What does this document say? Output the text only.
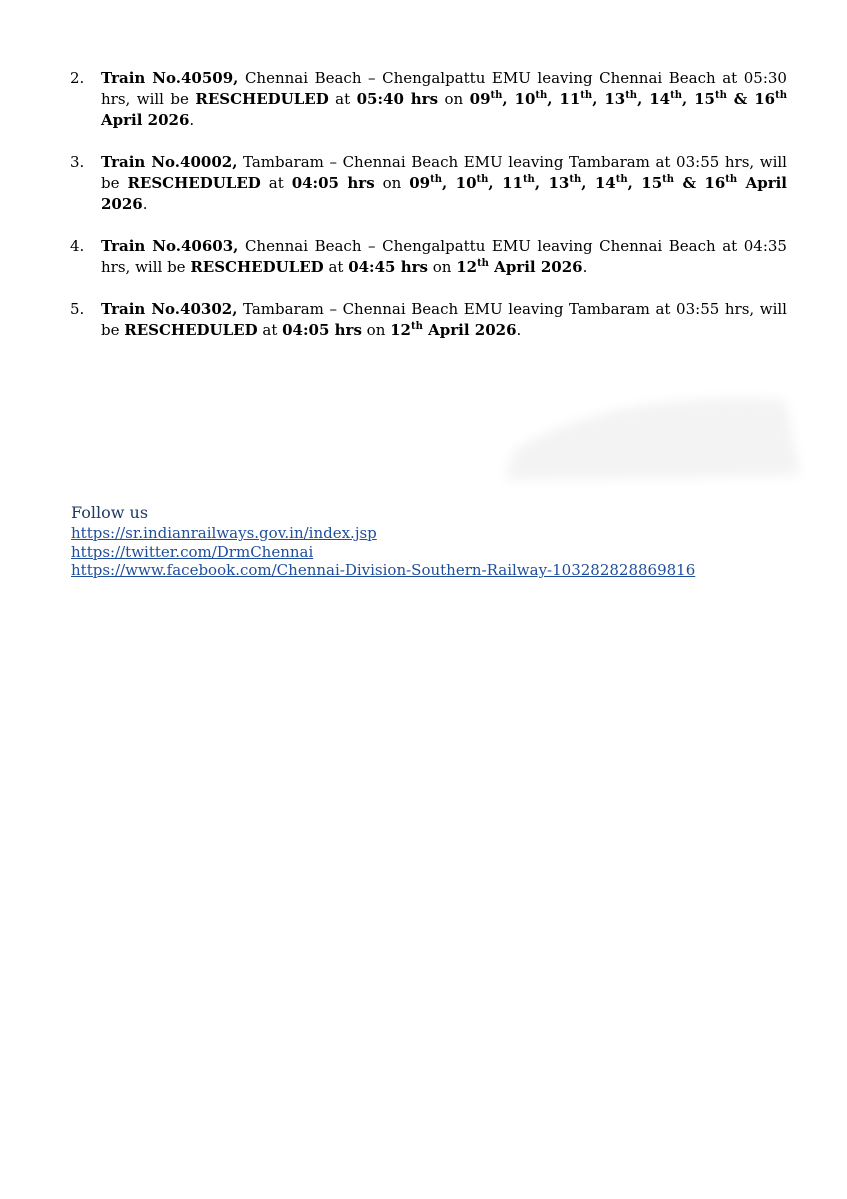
2.	Train No.40509, Chennai Beach – Chengalpattu EMU leaving Chennai Beach at 05:30 hrs, will be RESCHEDULED at 05:40 hrs on 09th, 10th, 11th, 13th, 14th, 15th & 16th April 2026.
3.	Train No.40002, Tambaram – Chennai Beach EMU leaving Tambaram at 03:55 hrs, will be RESCHEDULED at 04:05 hrs on 09th, 10th, 11th, 13th, 14th, 15th & 16th April 2026.
4.	Train No.40603, Chennai Beach – Chengalpattu EMU leaving Chennai Beach at 04:35 hrs, will be RESCHEDULED at 04:45 hrs on 12th April 2026.
5.	Train No.40302, Tambaram – Chennai Beach EMU leaving Tambaram at 03:55 hrs, will be RESCHEDULED at 04:05 hrs on 12th April 2026.
Follow us
https://sr.indianrailways.gov.in/index.jsp
https://twitter.com/DrmChennai
https://www.facebook.com/Chennai-Division-Southern-Railway-103282828869816
